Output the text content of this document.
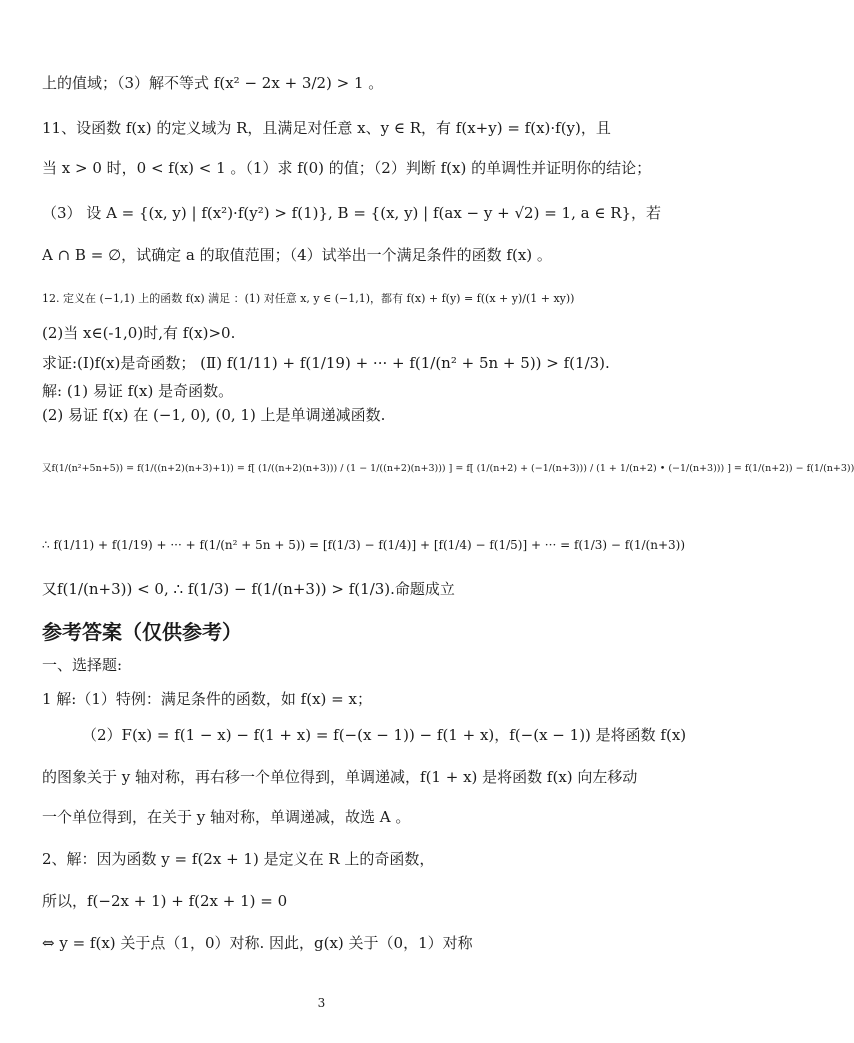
上的值域；（3）解不等式 f(x² − 2x + 3/2) > 1 。
11、设函数 f(x) 的定义域为 R，且满足对任意 x、y ∈ R，有 f(x+y) = f(x)·f(y)，且
当 x > 0 时，0 < f(x) < 1 。（1）求 f(0) 的值；（2）判断 f(x) 的单调性并证明你的结论；
（3） 设 A = {(x, y) | f(x²)·f(y²) > f(1)}, B = {(x, y) | f(ax − y + √2) = 1, a ∈ R}，若
A ∩ B = ∅，试确定 a 的取值范围；（4）试举出一个满足条件的函数 f(x) 。
12. 定义在 (−1,1) 上的函数 f(x) 满足 ：(1) 对任意 x, y ∈ (−1,1)，都有 f(x) + f(y) = f((x + y)/(1 + xy))
(2)当 x∈(-1,0)时,有 f(x)>0.
求证:(Ⅰ)f(x)是奇函数； (Ⅱ) f(1/11) + f(1/19) + ··· + f(1/(n² + 5n + 5)) > f(1/3).
解: (1) 易证 f(x) 是奇函数。
(2) 易证 f(x) 在 (−1, 0), (0, 1) 上是单调递减函数.
又f(1/(n²+5n+5)) = f(1/((n+2)(n+3)+1)) = f[ (1/((n+2)(n+3))) / (1 − 1/((n+2)(n+3))) ] = f[ (1/(n+2) + (−1/(n+3))) / (1 + 1/(n+2) • (−1/(n+3))) ] = f(1/(n+2)) − f(1/(n+3))
∴ f(1/11) + f(1/19) + ··· + f(1/(n² + 5n + 5)) = [f(1/3) − f(1/4)] + [f(1/4) − f(1/5)] + ··· = f(1/3) − f(1/(n+3))
又f(1/(n+3)) < 0, ∴ f(1/3) − f(1/(n+3)) > f(1/3).命题成立
参考答案（仅供参考）
一、选择题:
1 解:（1）特例：满足条件的函数，如 f(x) = x；
（2）F(x) = f(1 − x) − f(1 + x) = f(−(x − 1)) − f(1 + x)，f(−(x − 1)) 是将函数 f(x)
的图象关于 y 轴对称，再右移一个单位得到，单调递减，f(1 + x) 是将函数 f(x) 向左移动
一个单位得到，在关于 y 轴对称，单调递减，故选 A 。
2、解：因为函数 y = f(2x + 1) 是定义在 R 上的奇函数，
所以，f(−2x + 1) + f(2x + 1) = 0
⇔ y = f(x) 关于点（1，0）对称. 因此，g(x) 关于（0，1）对称
3
